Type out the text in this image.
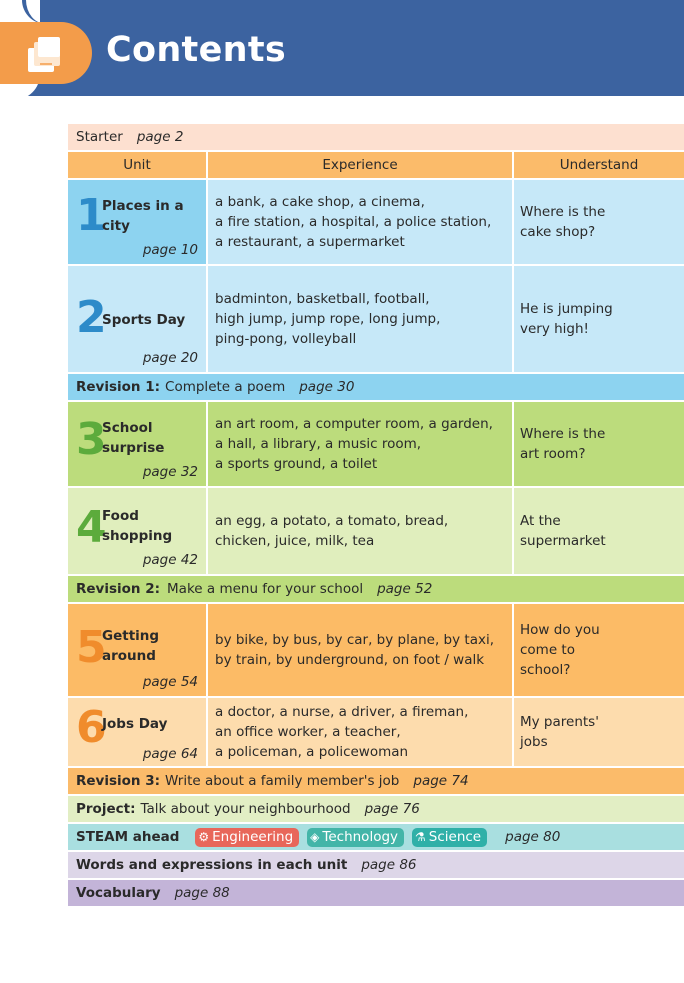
Contents
Starter page 2
Unit	Experience	Understand
1
Places in a city
page 10
a bank, a cake shop, a cinema,
a fire station, a hospital, a police station,
a restaurant, a supermarket
Where is the
cake shop?
2
Sports Day
page 20
badminton, basketball, football,
high jump, jump rope, long jump,
ping-pong, volleyball
He is jumping
very high!
Revision 1: Complete a poem page 30
3
School surprise
page 32
an art room, a computer room, a garden,
a hall, a library, a music room,
a sports ground, a toilet
Where is the
art room?
4
Food shopping
page 42
an egg, a potato, a tomato, bread,
chicken, juice, milk, tea
At the
supermarket
Revision 2: Make a menu for your school page 52
5
Getting around
page 54
by bike, by bus, by car, by plane, by taxi,
by train, by underground, on foot / walk
How do you
come to
school?
6
Jobs Day
page 64
a doctor, a nurse, a driver, a fireman,
an office worker, a teacher,
a policeman, a policewoman
My parents'
jobs
Revision 3: Write about a family member's job page 74
Project: Talk about your neighbourhood page 76
STEAM ahead ⚙ Engineering ◈ Technology ⚗ Science page 80
Words and expressions in each unit page 86
Vocabulary page 88
